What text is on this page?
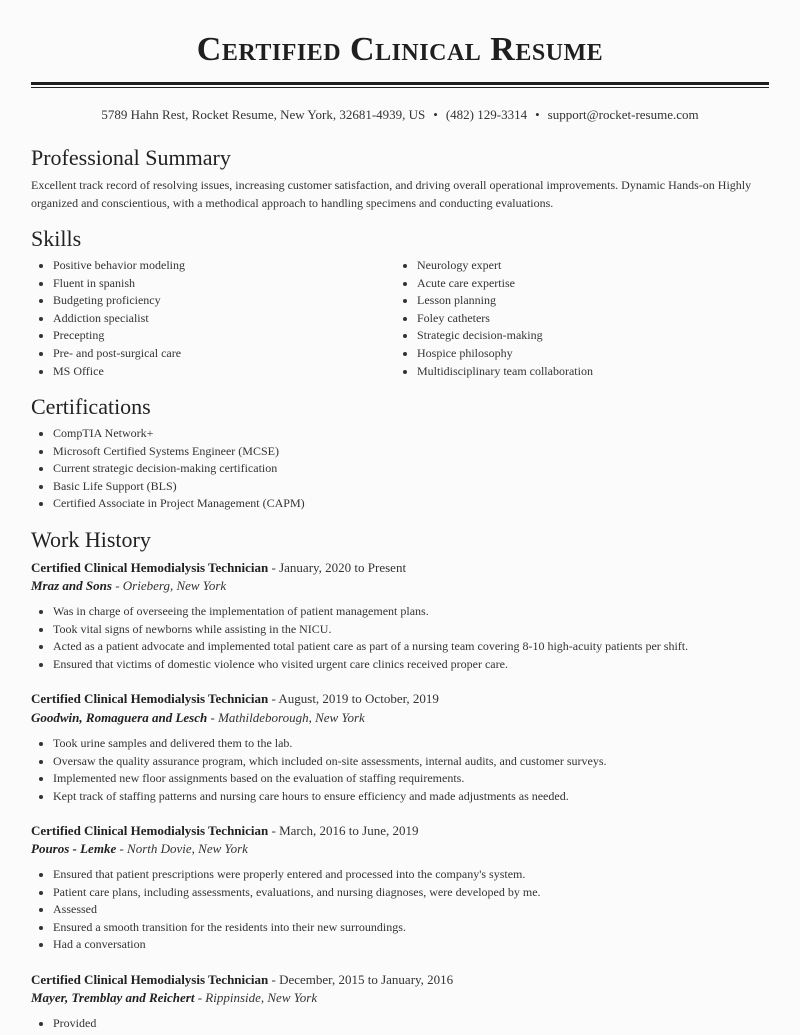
Certified Clinical Resume
5789 Hahn Rest, Rocket Resume, New York, 32681-4939, US • (482) 129-3314 • support@rocket-resume.com
Professional Summary

Excellent track record of resolving issues, increasing customer satisfaction, and driving overall operational improvements. Dynamic Hands-on Highly organized and conscientious, with a methodical approach to handling specimens and conducting evaluations.

Skills
Positive behavior modeling
Fluent in spanish
Budgeting proficiency
Addiction specialist
Precepting
Pre- and post-surgical care
MS Office
Neurology expert
Acute care expertise
Lesson planning
Foley catheters
Strategic decision-making
Hospice philosophy
Multidisciplinary team collaboration
Certifications
CompTIA Network+
Microsoft Certified Systems Engineer (MCSE)
Current strategic decision-making certification
Basic Life Support (BLS)
Certified Associate in Project Management (CAPM)
Work History

Certified Clinical Hemodialysis Technician - January, 2020 to Present

Mraz and Sons - Orieberg, New York

Was in charge of overseeing the implementation of patient management plans.
Took vital signs of newborns while assisting in the NICU.
Acted as a patient advocate and implemented total patient care as part of a nursing team covering 8-10 high-acuity patients per shift.
Ensured that victims of domestic violence who visited urgent care clinics received proper care.

Certified Clinical Hemodialysis Technician - August, 2019 to October, 2019

Goodwin, Romaguera and Lesch - Mathildeborough, New York

Took urine samples and delivered them to the lab.
Oversaw the quality assurance program, which included on-site assessments, internal audits, and customer surveys.
Implemented new floor assignments based on the evaluation of staffing requirements.
Kept track of staffing patterns and nursing care hours to ensure efficiency and made adjustments as needed.

Certified Clinical Hemodialysis Technician - March, 2016 to June, 2019

Pouros - Lemke - North Dovie, New York

Ensured that patient prescriptions were properly entered and processed into the company's system.
Patient care plans, including assessments, evaluations, and nursing diagnoses, were developed by me.
Assessed
Ensured a smooth transition for the residents into their new surroundings.
Had a conversation

Certified Clinical Hemodialysis Technician - December, 2015 to January, 2016

Mayer, Tremblay and Reichert - Rippinside, New York

Provided
